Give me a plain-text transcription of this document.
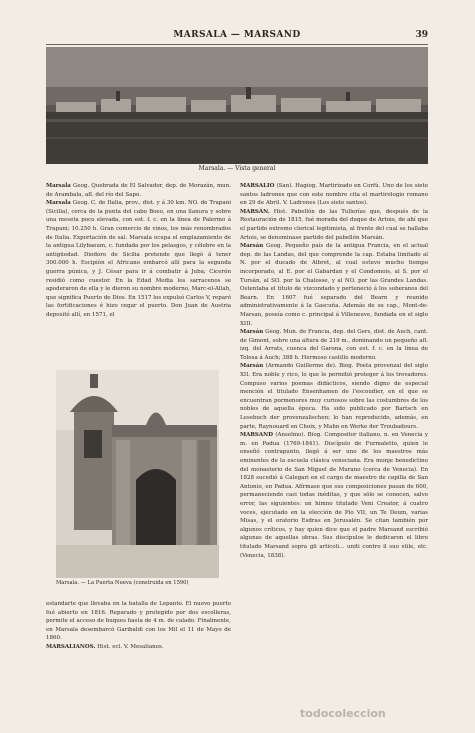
MARSALA — MARSAND	39
Marsala. — Vista general

Marsala Geog. Quebrada de El Salvador, dep. de Morazán, mun. de Arambala, afl. del río del Sapo.

Marsala Geog. C. de Italia, prov., dist. y á 30 km. NO. de Trapani (Sicilia), cerca de la punta del cabo Boeo, en una llanura y sobre una meseta poco elevada, con est. f. c. en la línea de Palermo á Trapani; 10.250 h. Gran comercio de vinos, los más renombrados de Italia. Exportación de sal. Marsala ocupa el emplazamiento de la antigua Lilybaeum, c. fundada por los pelasgos, y célebre en la antigüedad. Diodoro de Sicilia pretende que llegó á tener 300.000 h. Escipión el Africano embarcó allí para la segunda guerra púnica, y J. César para ir á combatir á Juba; Cicerón residió como cuestor. En la Edad Media los sarracenos se apoderaron de ella y le dieron su nombre moderno, Marc-el-Allah, que significa Puerto de Dios. En 1517 los expulsó Carlos V, reparó las fortificaciones é hizo cegar el puerto. Don Juan de Austria depositó allí, en 1571, el

Marsala. — La Puerta Nueva (construida en 1590)

estandarte que llevaba en la batalla de Lepanto. El nuevo puerto fué abierto en 1816. Reparado y protegido por dos escolleras, permite el acceso de buques hasta de 4 m. de calado. Finalmente, en Marsala desembarcó Garibaldi con los Mil el 11 de Mayo de 1860.

MARSALIANOS. Hist. ecl. V. Mesalianos.

MARSALIO (San). Hagiog. Martirizado en Corfú. Uno de los siete santos ladrones que con este nombre cita el martirologio romano en 29 de Abril. V. Ladrones (Los siete santos).

MARSÁN. Hist. Pabellón de las Tullerías que, después de la Restauración de 1815, fué morada del duque de Artois, de ahí que el partido extremo clerical legitimista, al frente del cual se hallaba Artois, se denominase partido del pabellón Marsán.

Marsán Geog. Pequeño país de la antigua Francia, en el actual dep. de las Landas, del que comprende la cap. Estaba limitado al N. por el ducado de Albret, al cual estuvo mucho tiempo incorporado, al E. por el Gabardan y el Condomois, al S. por el Tursán, al SO. por la Chalosse, y al NO. por las Grandes Landas. Ostentaba el título de vizcondado y perteneció á los soberanos del Bearn. En 1607 fué separado del Bearn y reunido administrativamente á la Gascuña. Además de su cap., Mont-de-Marsan, poseía como c. principal á Villeneuve, fundada en el siglo XIII.

Marsán Geog. Mun. de Francia, dep. del Gers, dist. de Auch, cant. de Gimont, sobre una altura de 219 m., dominando un pequeño afl. izq. del Arrats, cuenca del Garona, con est. f. c. en la línea de Tolosa á Auch; 388 h. Hermoso castillo moderno.

Marsán (Armando Guillermo de). Biog. Poeta provenzal del siglo XII. Era noble y rico, lo que le permitió proteger á los trovadores. Compuso varios poemas didácticos, siendo digno de especial mención el titulado Ensenhamen de l'escoudier, en el que se encuentran pormenores muy curiosos sobre las costumbres de los nobles de aquella época. Ha sido publicado por Bartsch en Lesebuch der provenzalischen; lo han reproducido, además, en parte, Raynouard en Choix, y Mahn en Werke der Troubadours.

MARSAND (Anselmo). Biog. Compositor italiano, n. en Venecia y m. en Padua (1769-1841). Discípulo de Furmaletto, quien le enseñó contrapunto, llegó á ser uno de los maestros más eminentes de la escuela clásica veneciana. Era monje benedictino del monasterio de San Miguel de Murano (cerca de Venecia). En 1828 sucedió á Calegari en el cargo de maestro de capilla de San Antonio, en Padua. Afírmase que sus composiciones pasan de 600, permaneciendo casi todas inéditas, y que sólo se conocen, salvo error, las siguientes: un himno titulado Veni Creator, á cuatro voces, ejecutado en la elección de Pío VII, un Te Deum, varias Misas, y el oratorio Esdras en Jerusalén. Se citan también por algunos críticos, y hay quien dice que el padre Marsand escribió algunas de aquellas obras. Sus discípulos le dedicaron el libro titulado Marsand sopra gli articoli... uniti contro il suo stile, etc. (Venecia, 1838).

todocoleccion
